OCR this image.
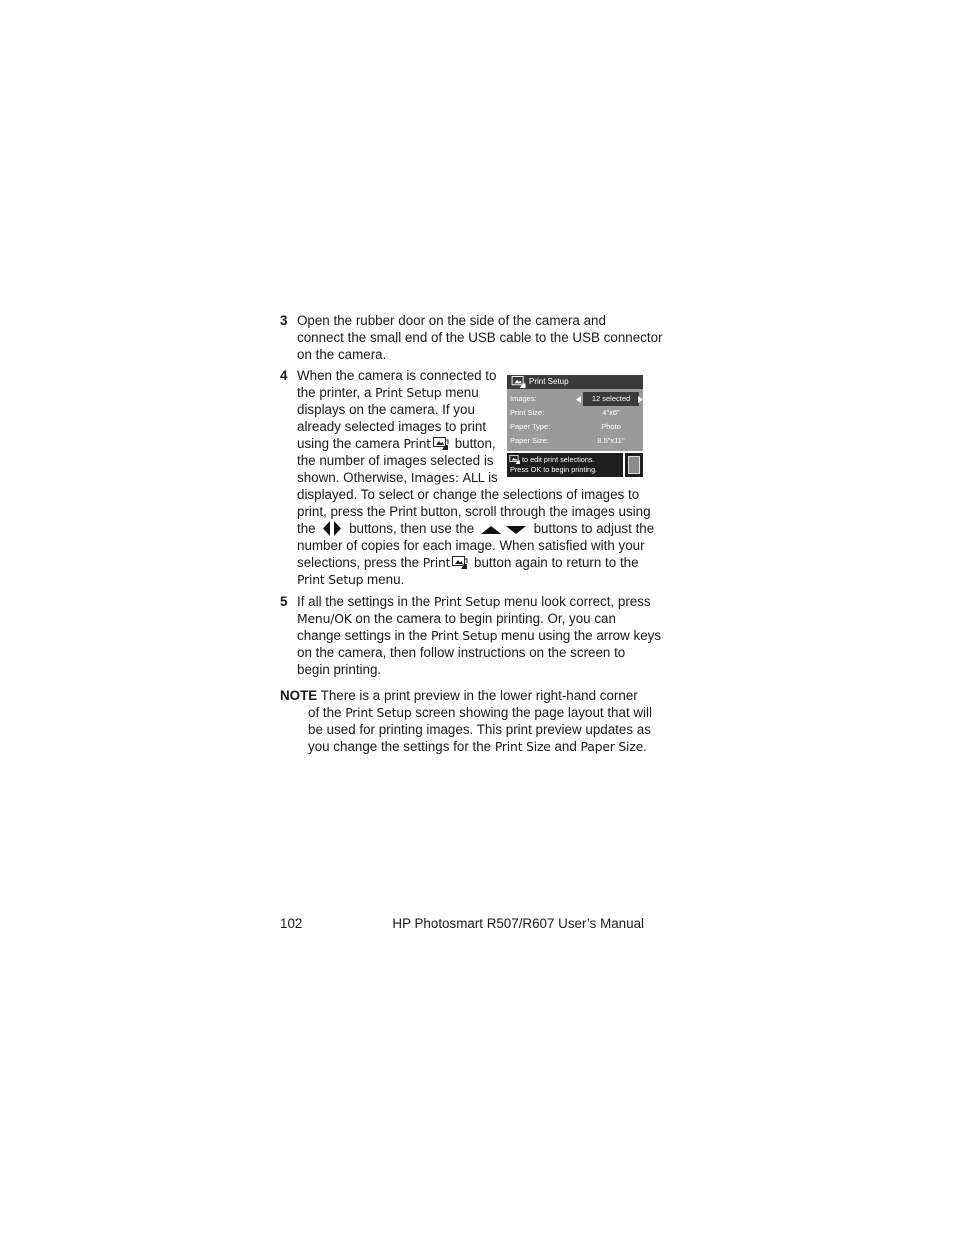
3 Open the rubber door on the side of the camera and
connect the small end of the USB cable to the USB connector
on the camera.
4 When the camera is connected to
the printer, a Print Setup menu
displays on the camera. If you
already selected images to print
using the camera Print button,
the number of images selected is
shown. Otherwise, Images: ALL is
displayed. To select or change the selections of images to
print, press the Print button, scroll through the images using
the  buttons, then use the	buttons to adjust the
number of copies for each image. When satisfied with your
selections, press the Print button again to return to the
Print Setup menu.
Print Setup
Images:	12 selected
Print Size:	4"x6"
Paper Type:	Photo
Paper Size:	8.5"x11"
to edit print selections.
Press OK to begin printing.
5 If all the settings in the Print Setup menu look correct, press
Menu/OK on the camera to begin printing. Or, you can
change settings in the Print Setup menu using the arrow keys
on the camera, then follow instructions on the screen to
begin printing.
NOTE There is a print preview in the lower right-hand corner
of the Print Setup screen showing the page layout that will
be used for printing images. This print preview updates as
you change the settings for the Print Size and Paper Size.
102	HP Photosmart R507/R607 User’s Manual
